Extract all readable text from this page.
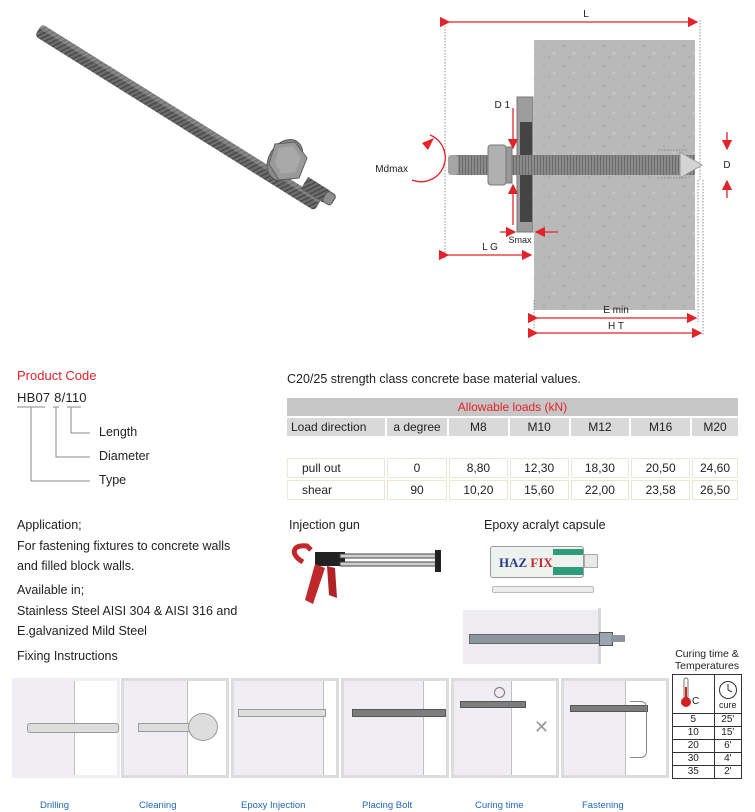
L
D 1
D
Mdmax
Smax
L G
E min
H T
Product Code
HB07 8/110
Length
Diameter
Type
C20/25 strength class concrete base material values.
Allowable loads (kN)						
Load direction	a degree	M8	M10	M12	M16	M20

pull out	0	8,80	12,30	18,30	20,50	24,60
shear	90	10,20	15,60	22,00	23,58	26,50
Application;
For fastening fixtures to concrete walls
and filled block walls.
Available in;
Stainless Steel AISI 304 & AISI 316 and
E.galvanized Mild Steel
Fixing Instructions
Injection gun	Epoxy acralyt capsule
HAZ FIX
✕
Drilling	Cleaning	Epoxy Injection	Placing Bolt	Curing time	Fastening
Curing time &
Temperatures
C	cure

5	25'
10	15'
20	6'
30	4'
35	2'
